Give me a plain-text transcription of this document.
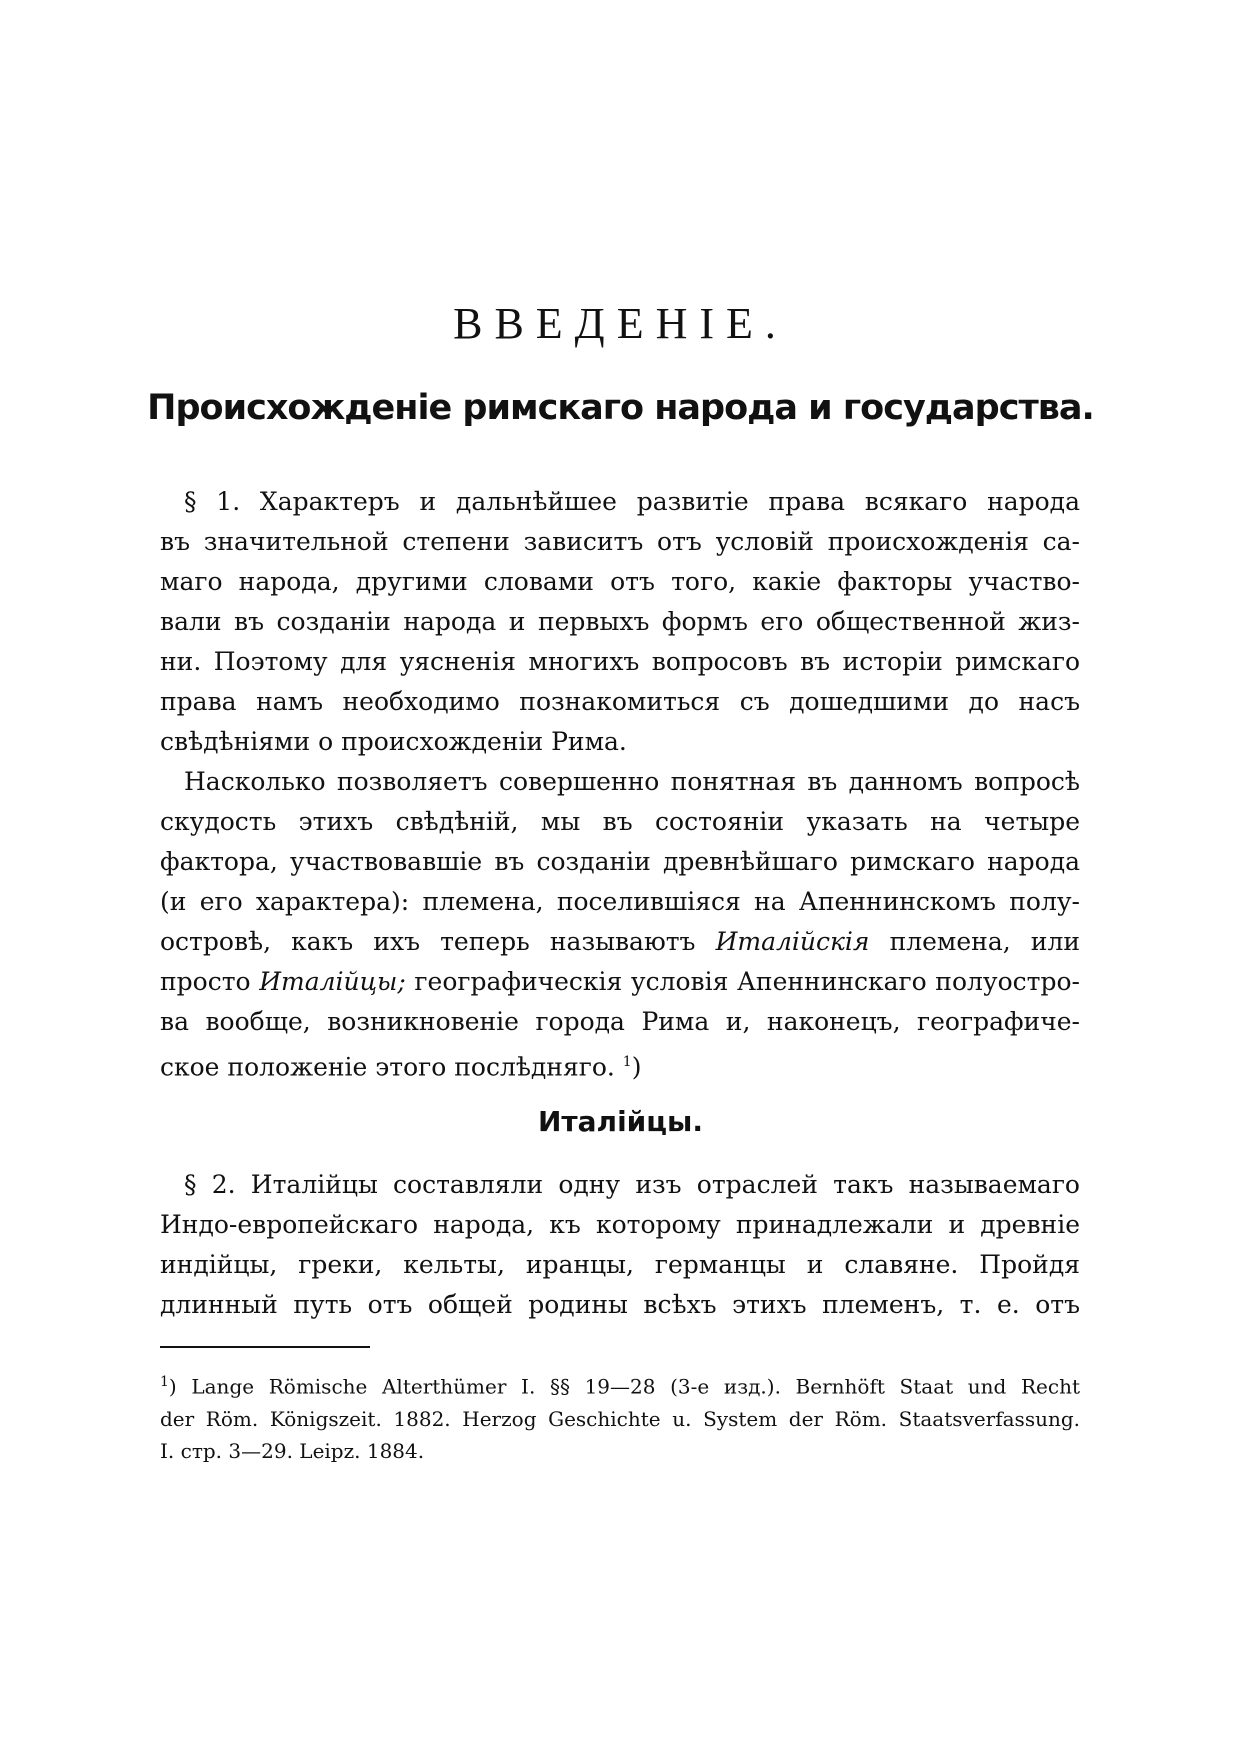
ВВЕДЕНІЕ.
Происхожденіе римскаго народа и государства.
§ 1. Характеръ и дальнѣйшее развитіе права всякаго народа
въ значительной степени зависитъ отъ условій происхожденія са-
маго народа, другими словами отъ того, какіе факторы участво-
вали въ созданіи народа и первыхъ формъ его общественной жиз-
ни. Поэтому для уясненія многихъ вопросовъ въ исторіи римскаго
права намъ необходимо познакомиться съ дошедшими до насъ
свѣдѣніями о происхожденіи Рима.
Насколько позволяетъ совершенно понятная въ данномъ вопросѣ
скудость этихъ свѣдѣній, мы въ состояніи указать на четыре
фактора, участвовавшіе въ созданіи древнѣйшаго римскаго народа
(и его характера): племена, поселившіяся на Апеннинскомъ полу-
островѣ, какъ ихъ теперь называютъ Италійскія племена, или
просто Италійцы; географическія условія Апеннинскаго полуостро-
ва вообще, возникновеніе города Рима и, наконецъ, географиче-
ское положеніе этого послѣдняго. $^1$)
Италійцы.
§ 2. Италійцы составляли одну изъ отраслей такъ называемаго
Индо-европейскаго народа, къ которому принадлежали и древніе
индійцы, греки, кельты, иранцы, германцы и славяне. Пройдя
длинный путь отъ общей родины всѣхъ этихъ племенъ, т. е. отъ
$^1$) Lange Römische Alterthümer I. §§ 19—28 (3-е изд.). Bernhöft Staat und Recht
der Röm. Königszeit. 1882. Herzog Geschichte u. System der Röm. Staatsverfassung.
I. стр. 3—29. Leipz. 1884.
